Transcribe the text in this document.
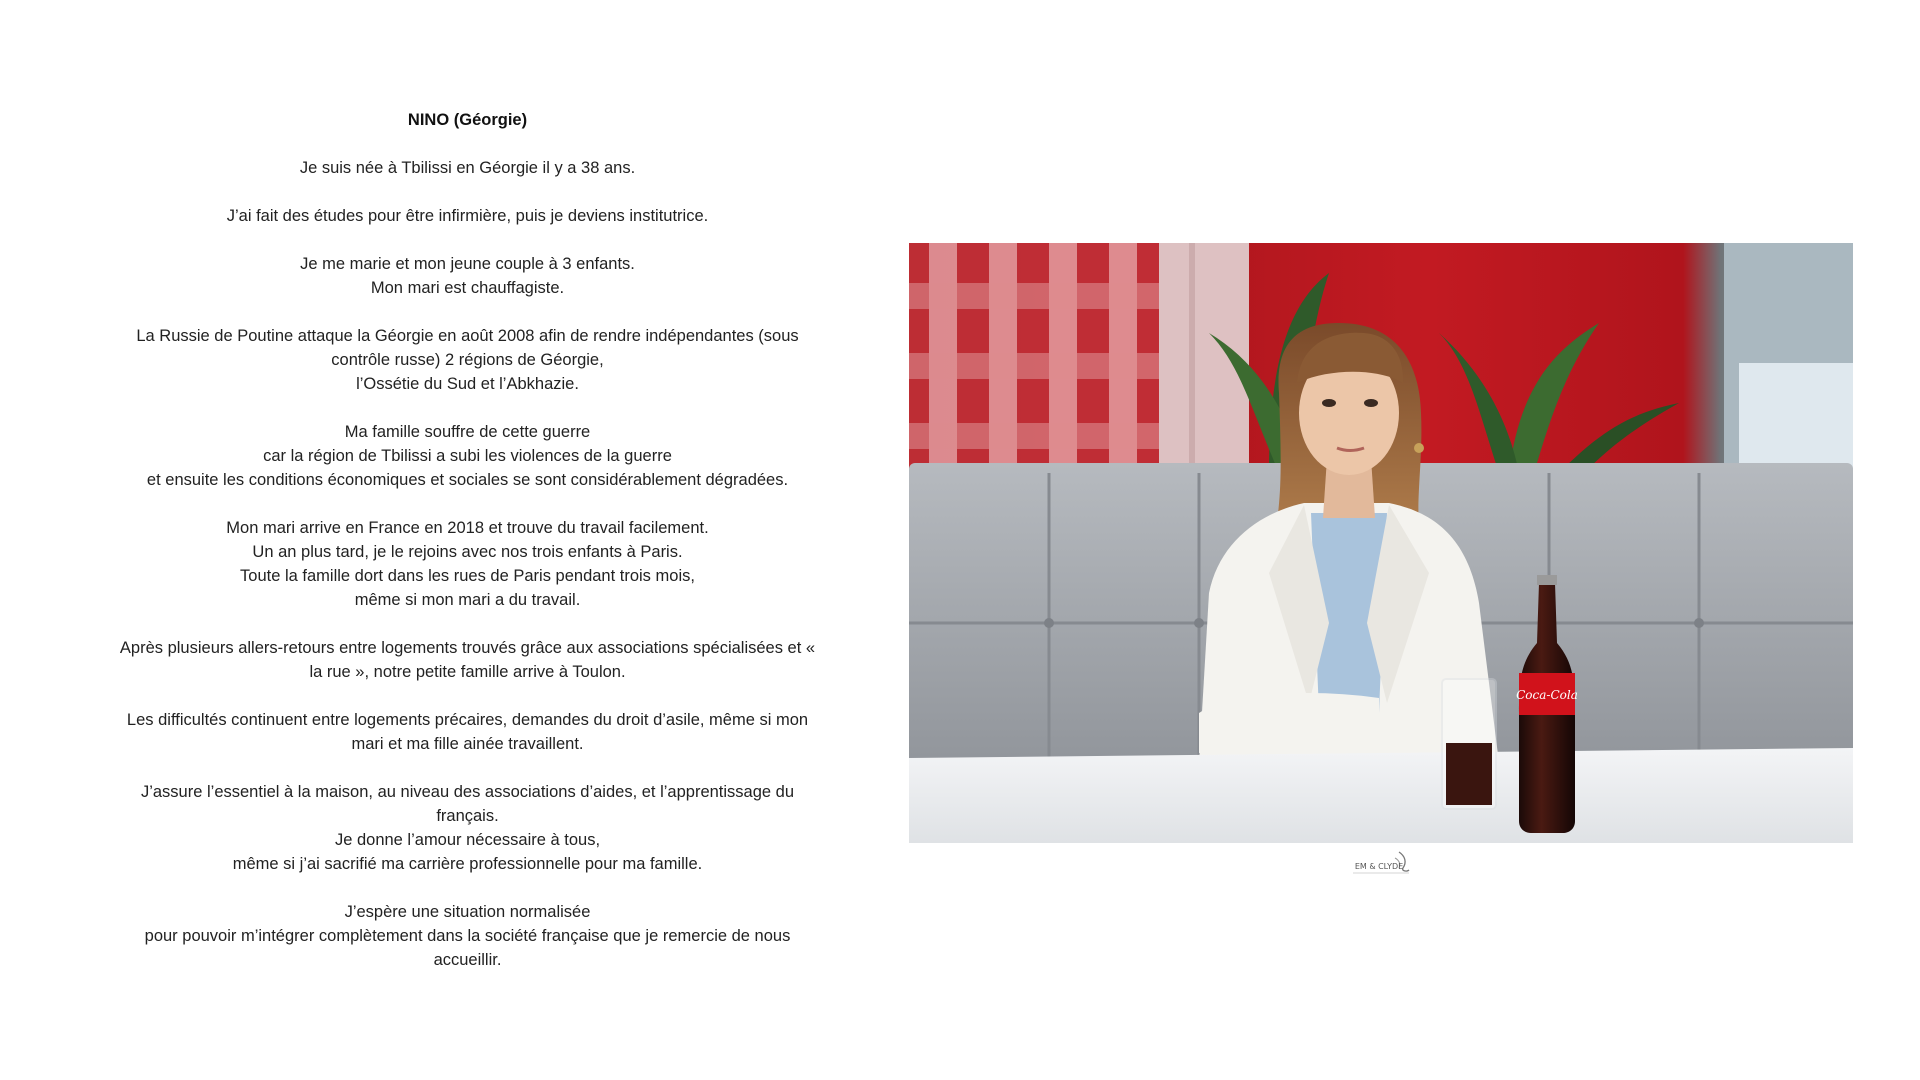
NINO (Géorgie)
Je suis née à Tbilissi en Géorgie il y a 38 ans.
J’ai fait des études pour être infirmière, puis je deviens institutrice.
Je me marie et mon jeune couple à 3 enfants.
Mon mari est chauffagiste.
La Russie de Poutine attaque la Géorgie en août 2008 afin de rendre indépendantes (sous
contrôle russe) 2 régions de Géorgie,
l’Ossétie du Sud et l’Abkhazie.
Ma famille souffre de cette guerre
car la région de Tbilissi a subi les violences de la guerre
et ensuite les conditions économiques et sociales se sont considérablement dégradées.
Mon mari arrive en France en 2018 et trouve du travail facilement.
Un an plus tard, je le rejoins avec nos trois enfants à Paris.
Toute la famille dort dans les rues de Paris pendant trois mois,
même si mon mari a du travail.
Après plusieurs allers-retours entre logements trouvés grâce aux associations spécialisées et «
la rue », notre petite famille arrive à Toulon.
Les difficultés continuent entre logements précaires, demandes du droit d’asile, même si mon
mari et ma fille ainée travaillent.
J’assure l’essentiel à la maison, au niveau des associations d’aides, et l’apprentissage du
français.
Je donne l’amour nécessaire à tous,
même si j’ai sacrifié ma carrière professionnelle pour ma famille.
J’espère une situation normalisée
pour pouvoir m’intégrer complètement dans la société française que je remercie de nous
accueillir.
Coca-Cola
EM & CLYDE
